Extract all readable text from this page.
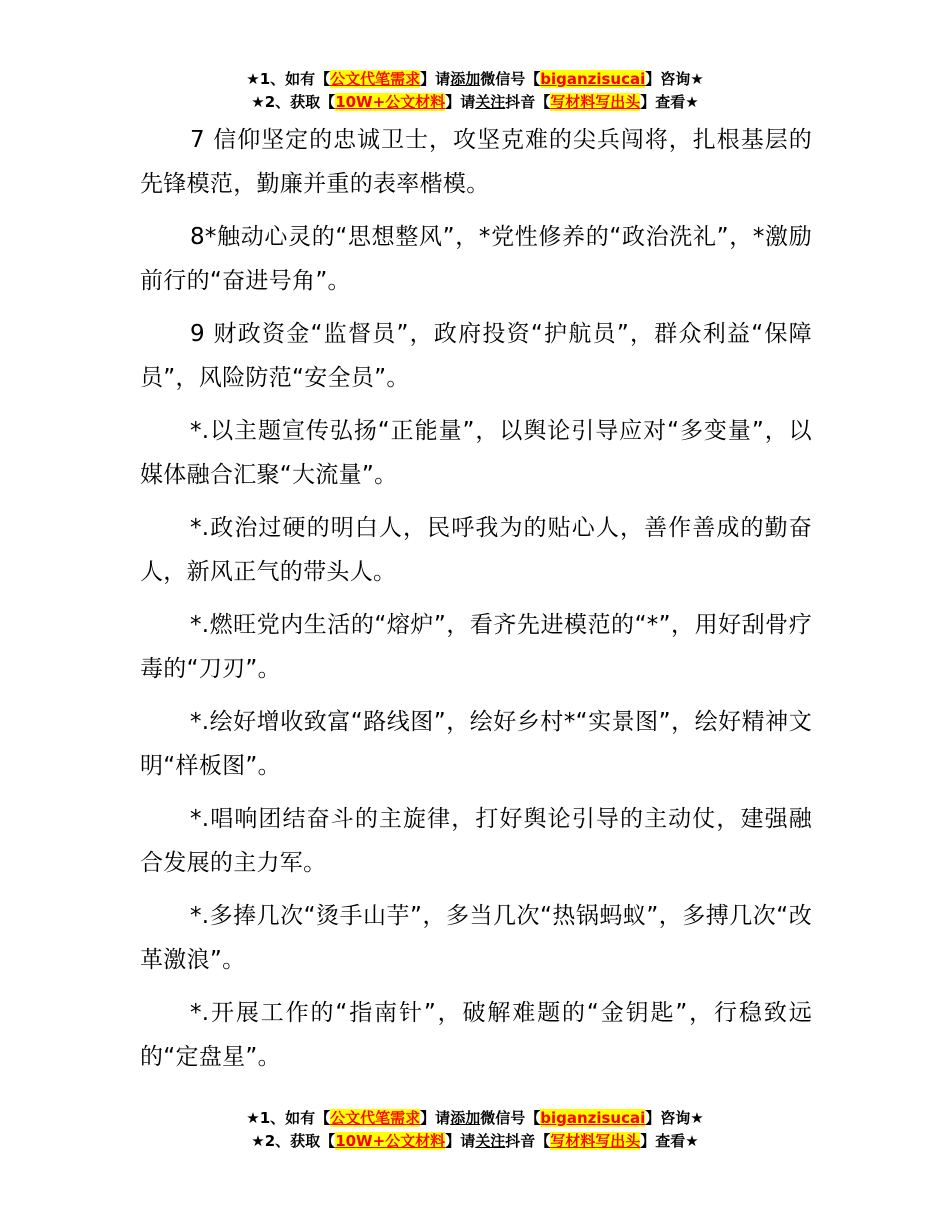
★1、如有【公文代笔需求】请添加微信号【biganzisucai】咨询★
★2、获取【10W+公文材料】请关注抖音【写材料写出头】查看★

7 信仰坚定的忠诚卫士，攻坚克难的尖兵闯将，扎根基层的先锋模范，勤廉并重的表率楷模。

8*触动心灵的“思想整风”，*党性修养的“政治洗礼”，*激励前行的“奋进号角”。

9 财政资金“监督员”，政府投资“护航员”，群众利益“保障员”，风险防范“安全员”。

*.以主题宣传弘扬“正能量”，以舆论引导应对“多变量”，以媒体融合汇聚“大流量”。

*.政治过硬的明白人，民呼我为的贴心人，善作善成的勤奋人，新风正气的带头人。

*.燃旺党内生活的“熔炉”，看齐先进模范的“*”，用好刮骨疗毒的“刀刃”。

*.绘好增收致富“路线图”，绘好乡村*“实景图”，绘好精神文明“样板图”。

*.唱响团结奋斗的主旋律，打好舆论引导的主动仗，建强融合发展的主力军。

*.多捧几次“烫手山芋”，多当几次“热锅蚂蚁”，多搏几次“改革激浪”。

*.开展工作的“指南针”，破解难题的“金钥匙”，行稳致远的“定盘星”。

★1、如有【公文代笔需求】请添加微信号【biganzisucai】咨询★
★2、获取【10W+公文材料】请关注抖音【写材料写出头】查看★
